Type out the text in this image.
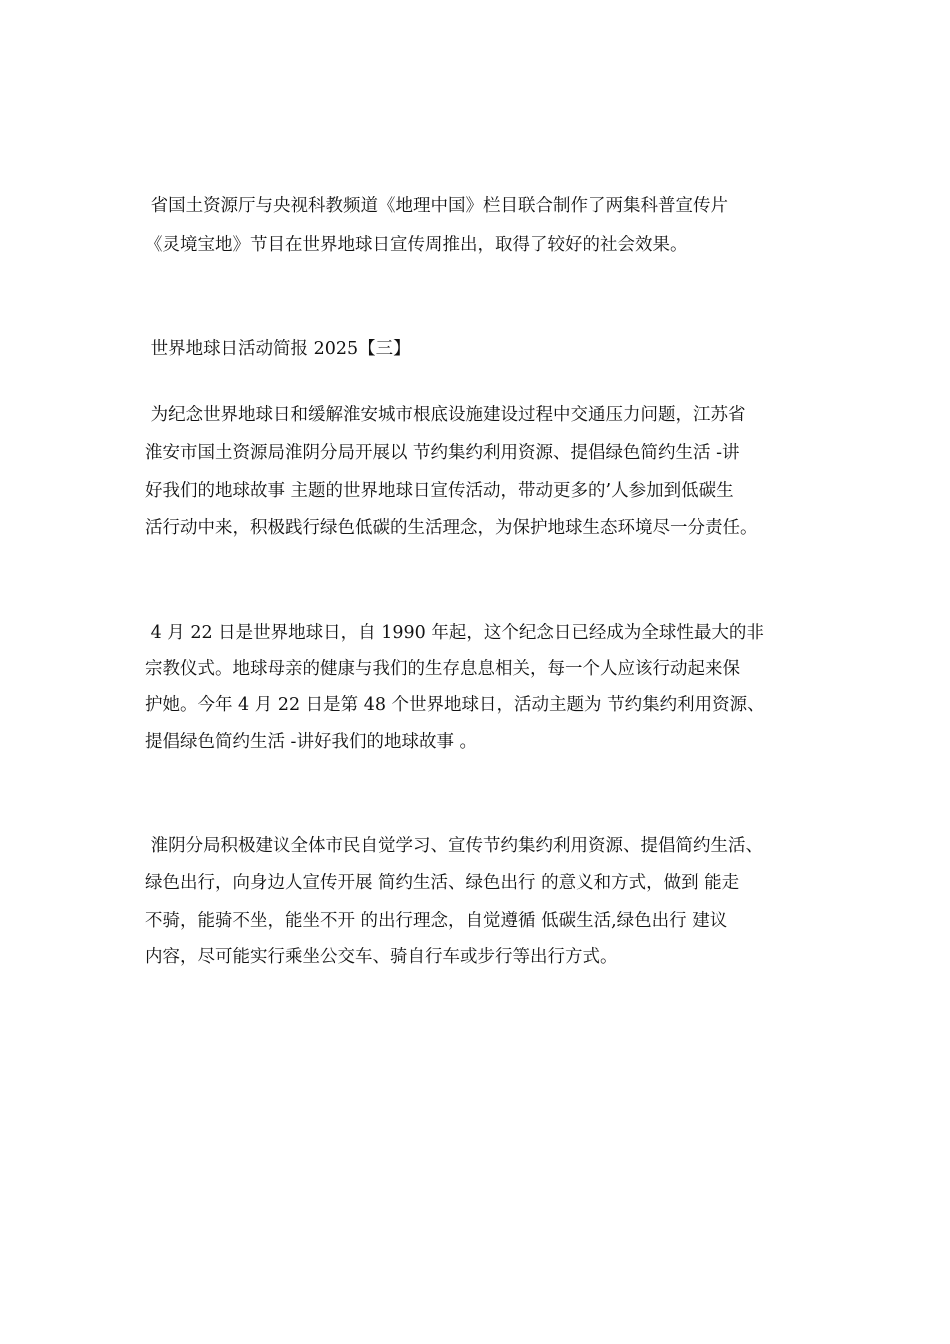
省国土资源厅与央视科教频道《地理中国》栏目联合制作了两集科普宣传片
《灵境宝地》节目在世界地球日宣传周推出，取得了较好的社会效果。
世界地球日活动简报 2025【三】
为纪念世界地球日和缓解淮安城市根底设施建设过程中交通压力问题，江苏省
淮安市国土资源局淮阴分局开展以 节约集约利用资源、提倡绿色简约生活 -讲
好我们的地球故事 主题的世界地球日宣传活动，带动更多的’人参加到低碳生
活行动中来，积极践行绿色低碳的生活理念，为保护地球生态环境尽一分责任。
4 月 22 日是世界地球日，自 1990 年起，这个纪念日已经成为全球性最大的非
宗教仪式。地球母亲的健康与我们的生存息息相关，每一个人应该行动起来保
护她。今年 4 月 22 日是第 48 个世界地球日，活动主题为 节约集约利用资源、
提倡绿色简约生活 -讲好我们的地球故事 。
淮阴分局积极建议全体市民自觉学习、宣传节约集约利用资源、提倡简约生活、
绿色出行，向身边人宣传开展 简约生活、绿色出行 的意义和方式，做到 能走
不骑，能骑不坐，能坐不开 的出行理念，自觉遵循 低碳生活,绿色出行 建议
内容，尽可能实行乘坐公交车、骑自行车或步行等出行方式。
